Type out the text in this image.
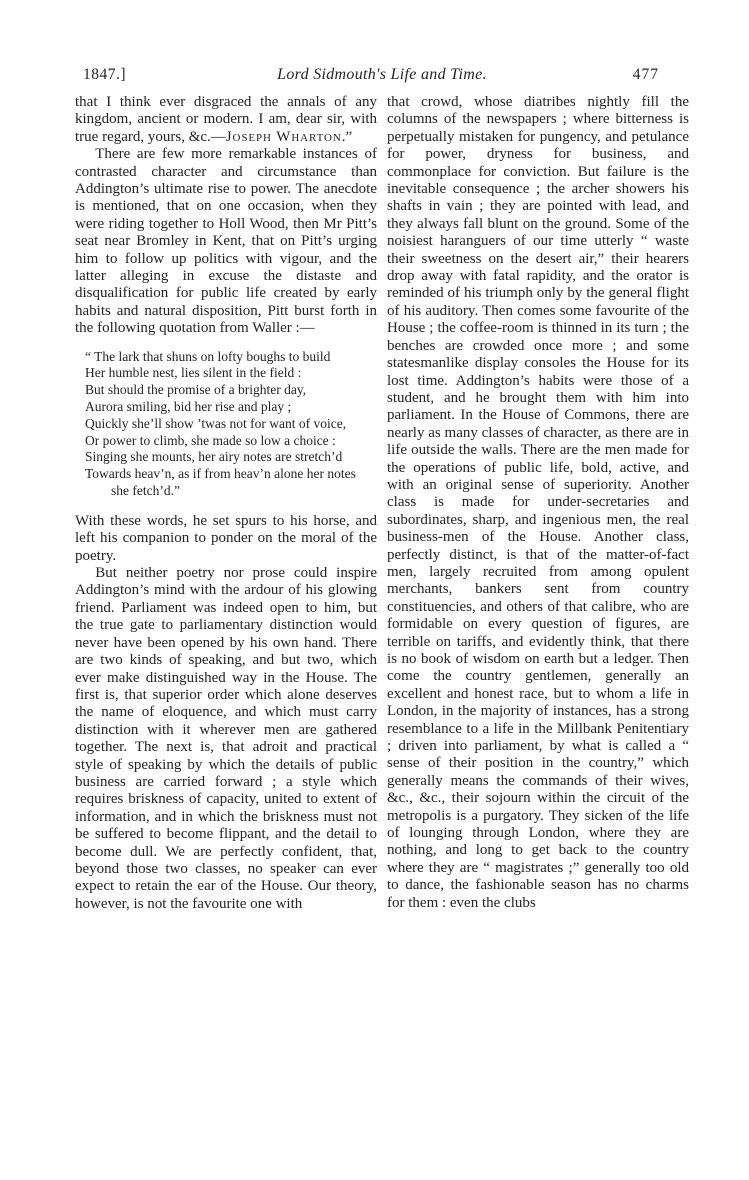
1847.]	Lord Sidmouth's Life and Time.	477

that I think ever disgraced the annals of any kingdom, ancient or modern. I am, dear sir, with true regard, yours, &c.—Joseph Wharton.”

There are few more remarkable instances of contrasted character and circumstance than Addington’s ultimate rise to power. The anecdote is mentioned, that on one occasion, when they were riding together to Holl Wood, then Mr Pitt’s seat near Bromley in Kent, that on Pitt’s urging him to follow up politics with vigour, and the latter alleging in excuse the distaste and disqualification for public life created by early habits and natural disposition, Pitt burst forth in the following quotation from Waller :—

“ The lark that shuns on lofty boughs to build
Her humble nest, lies silent in the field :
But should the promise of a brighter day,
Aurora smiling, bid her rise and play ;
Quickly she’ll show ’twas not for want of voice,
Or power to climb, she made so low a choice :
Singing she mounts, her airy notes are stretch’d
Towards heav’n, as if from heav’n alone her notes she fetch’d.”

With these words, he set spurs to his horse, and left his companion to ponder on the moral of the poetry.

But neither poetry nor prose could inspire Addington’s mind with the ardour of his glowing friend. Parliament was indeed open to him, but the true gate to parliamentary distinction would never have been opened by his own hand. There are two kinds of speaking, and but two, which ever make distinguished way in the House. The first is, that superior order which alone deserves the name of eloquence, and which must carry distinction with it wherever men are gathered together. The next is, that adroit and practical style of speaking by which the details of public business are carried forward ; a style which requires briskness of capacity, united to extent of information, and in which the briskness must not be suffered to become flippant, and the detail to become dull. We are perfectly confident, that, beyond those two classes, no speaker can ever expect to retain the ear of the House. Our theory, however, is not the favourite one with

that crowd, whose diatribes nightly fill the columns of the newspapers ; where bitterness is perpetually mistaken for pungency, and petulance for power, dryness for business, and commonplace for conviction. But failure is the inevitable consequence ; the archer showers his shafts in vain ; they are pointed with lead, and they always fall blunt on the ground. Some of the noisiest haranguers of our time utterly “ waste their sweetness on the desert air,” their hearers drop away with fatal rapidity, and the orator is reminded of his triumph only by the general flight of his auditory. Then comes some favourite of the House ; the coffee-room is thinned in its turn ; the benches are crowded once more ; and some statesmanlike display consoles the House for its lost time. Addington’s habits were those of a student, and he brought them with him into parliament. In the House of Commons, there are nearly as many classes of character, as there are in life outside the walls. There are the men made for the operations of public life, bold, active, and with an original sense of superiority. Another class is made for under-secretaries and subordinates, sharp, and ingenious men, the real business-men of the House. Another class, perfectly distinct, is that of the matter-of-fact men, largely recruited from among opulent merchants, bankers sent from country constituencies, and others of that calibre, who are formidable on every question of figures, are terrible on tariffs, and evidently think, that there is no book of wisdom on earth but a ledger. Then come the country gentlemen, generally an excellent and honest race, but to whom a life in London, in the majority of instances, has a strong resemblance to a life in the Millbank Penitentiary ; driven into parliament, by what is called a “ sense of their position in the country,” which generally means the commands of their wives, &c., &c., their sojourn within the circuit of the metropolis is a purgatory. They sicken of the life of lounging through London, where they are nothing, and long to get back to the country where they are “ magistrates ;” generally too old to dance, the fashionable season has no charms for them : even the clubs
